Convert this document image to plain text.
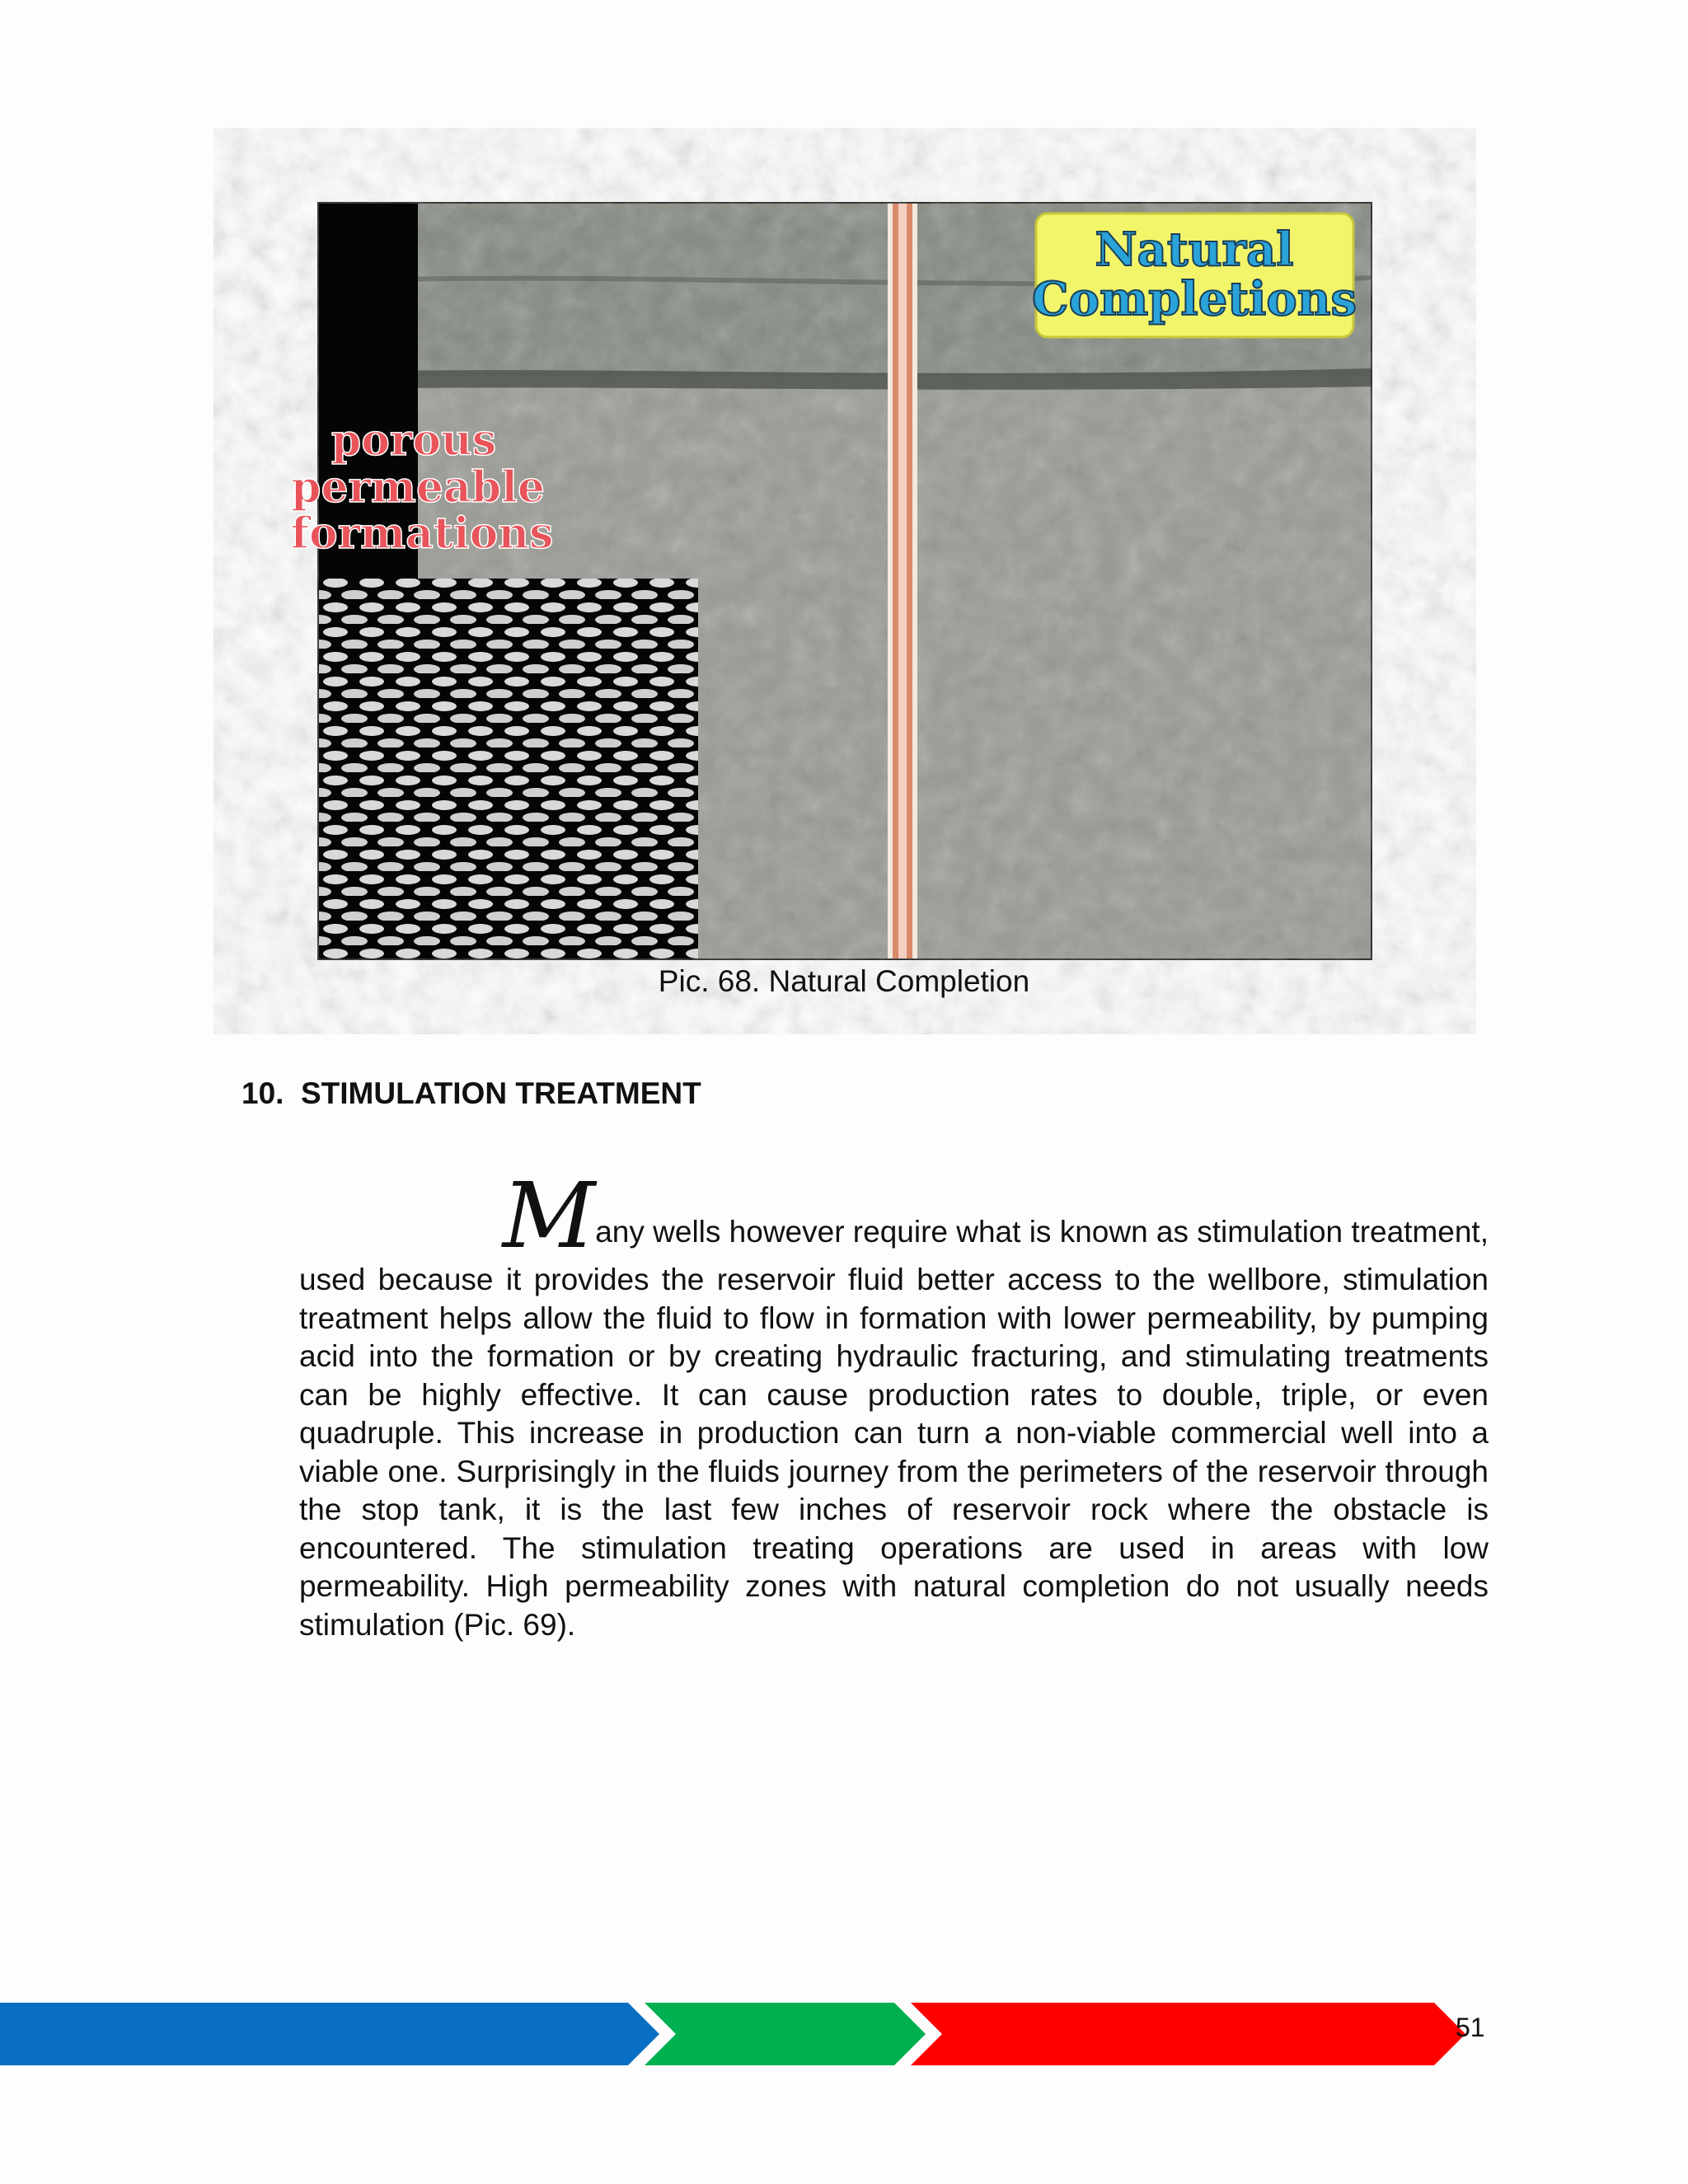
Natural
Completions
porous
permeable
formations
Pic. 68. Natural Completion
10. STIMULATION TREATMENT
Many wells however require what is known as stimulation treatment,
used because it provides the reservoir fluid better access to the wellbore, stimulation treatment helps allow the fluid to flow in formation with lower permeability, by pumping acid into the formation or by creating hydraulic fracturing, and stimulating treatments can be highly effective. It can cause production rates to double, triple, or even quadruple. This increase in production can turn a non-viable commercial well into a viable one. Surprisingly in the fluids journey from the perimeters of the reservoir through the stop tank, it is the last few inches of reservoir rock where the obstacle is encountered. The stimulation treating operations are used in areas with low permeability. High permeability zones with natural completion do not usually needs stimulation (Pic. 69).
51
